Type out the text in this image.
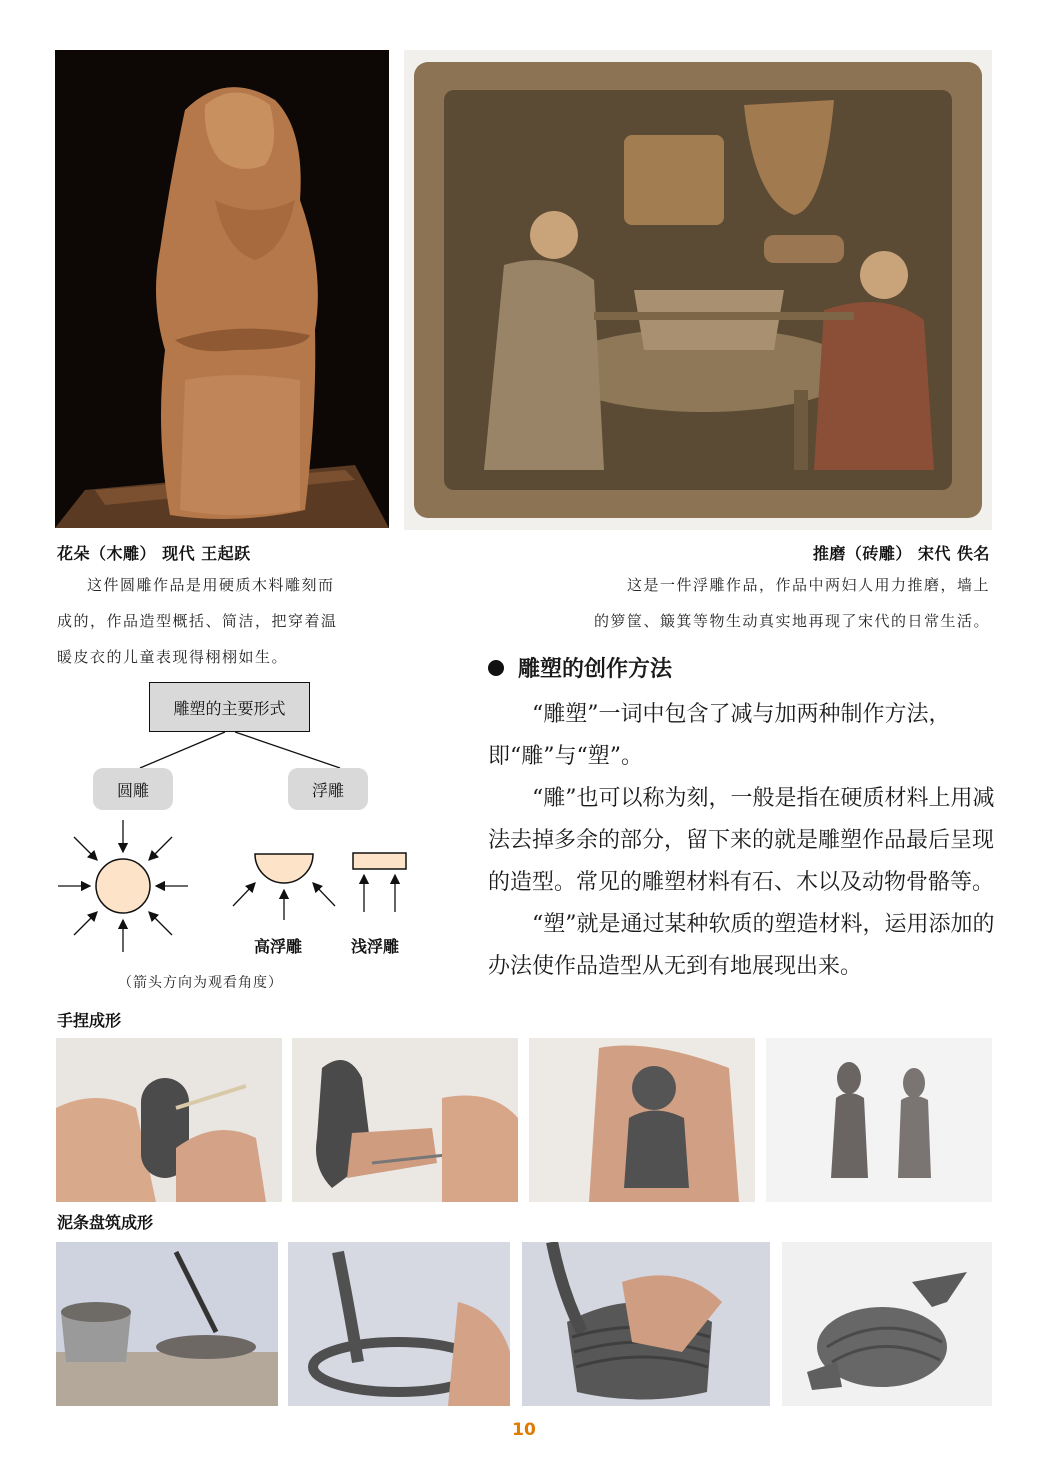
花朵（木雕） 现代 王起跃
这件圆雕作品是用硬质木料雕刻而
成的，作品造型概括、简洁，把穿着温
暖皮衣的儿童表现得栩栩如生。
推磨（砖雕） 宋代 佚名
这是一件浮雕作品，作品中两妇人用力推磨，墙上
的箩筐、簸箕等物生动真实地再现了宋代的日常生活。
雕塑的主要形式
圆雕	浮雕
高浮雕	浅浮雕
（箭头方向为观看角度）
雕塑的创作方法

“雕塑”一词中包含了减与加两种制作方法，即“雕”与“塑”。

“雕”也可以称为刻，一般是指在硬质材料上用减法去掉多余的部分，留下来的就是雕塑作品最后呈现的造型。常见的雕塑材料有石、木以及动物骨骼等。

“塑”就是通过某种软质的塑造材料，运用添加的办法使作品造型从无到有地展现出来。

手捏成形
泥条盘筑成形
10
